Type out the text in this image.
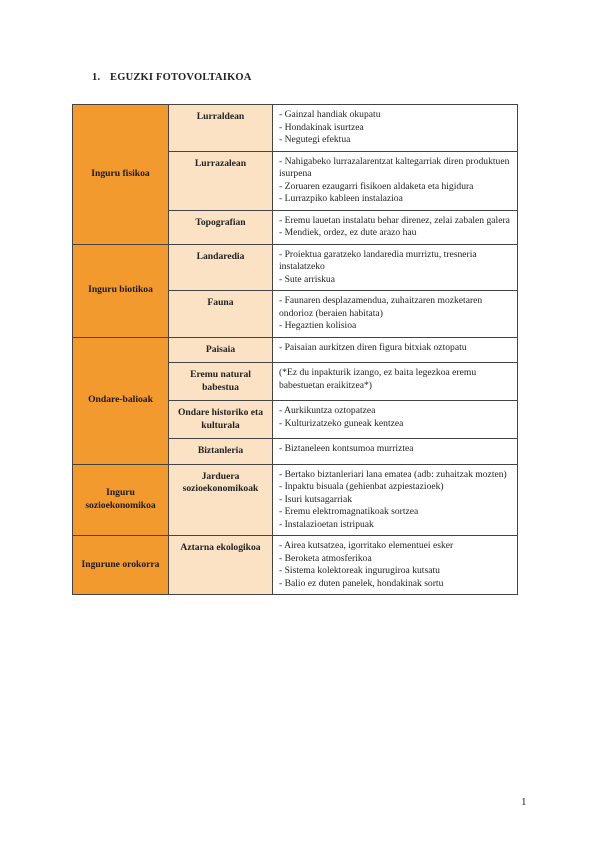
1. EGUZKI FOTOVOLTAIKOA
Inguru fisikoa	Lurraldean	- Gainzal handiak okupatu
- Hondakinak isurtzea
- Negutegi efektua

	Lurrazalean	- Nahigabeko lurrazalarentzat kaltegarriak diren produktuen isurpena
- Zoruaren ezaugarri fisikoen aldaketa eta higidura
- Lurrazpiko kableen instalazioa

	Topografian	- Eremu lauetan instalatu behar direnez, zelai zabalen galera
- Mendiek, ordez, ez dute arazo hau

Inguru biotikoa	Landaredia	- Proiektua garatzeko landaredia murriztu, tresneria instalatzeko
- Sute arriskua

	Fauna	- Faunaren desplazamendua, zuhaitzaren mozketaren ondorioz (beraien habitata)
- Hegaztien kolisioa

Ondare-balioak	Paisaia	- Paisaian aurkitzen diren figura bitxiak oztopatu

	Eremu natural babestua	(*Ez du inpakturik izango, ez baita legezkoa eremu babestuetan eraikitzea*)

	Ondare historiko eta kulturala	- Aurkikuntza oztopatzea
- Kulturizatzeko guneak kentzea

	Biztanleria	- Biztaneleen kontsumoa murriztea

Inguru sozioekonomikoa	Jarduera sozioekonomikoak	- Bertako biztanleriari lana ematea (adb: zuhaitzak mozten)
- Inpaktu bisuala (gehienbat azpiestazioek)
- Isuri kutsagarriak
- Eremu elektromagnatikoak sortzea
- Instalazioetan istripuak

Ingurune orokorra	Aztarna ekologikoa	- Airea kutsatzea, igorritako elementuei esker
- Beroketa atmosferikoa
- Sistema kolektoreak ingurugiroa kutsatu
- Balio ez duten panelek, hondakinak sortu
1
